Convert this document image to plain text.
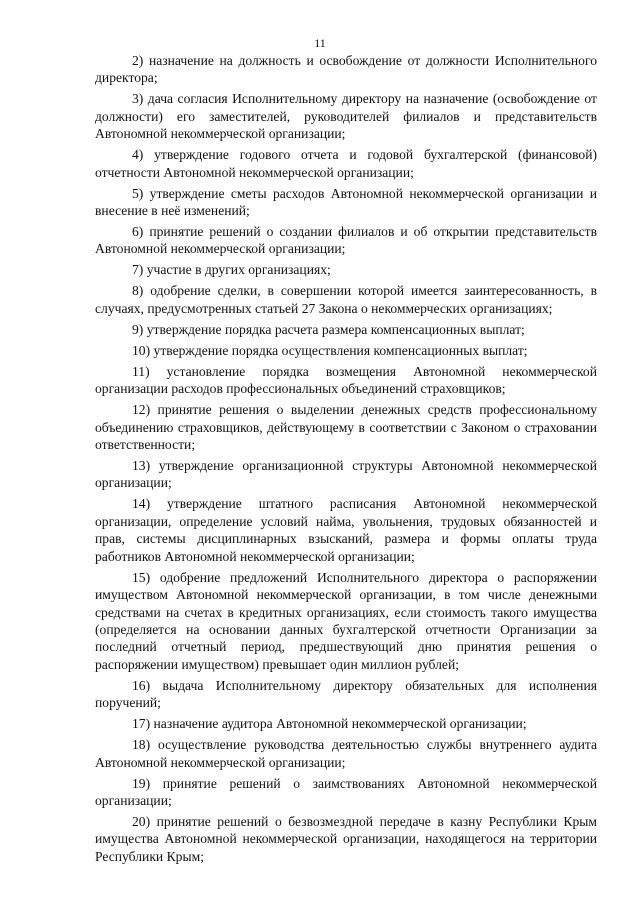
11
2) назначение на должность и освобождение от должности Исполнительного директора;
3) дача согласия Исполнительному директору на назначение (освобождение от должности) его заместителей, руководителей филиалов и представительств Автономной некоммерческой организации;
4) утверждение годового отчета и годовой бухгалтерской (финансовой) отчетности Автономной некоммерческой организации;
5) утверждение сметы расходов Автономной некоммерческой организации и внесение в неё изменений;
6) принятие решений о создании филиалов и об открытии представительств Автономной некоммерческой организации;
7) участие в других организациях;
8) одобрение сделки, в совершении которой имеется заинтересованность, в случаях, предусмотренных статьей 27 Закона о некоммерческих организациях;
9) утверждение порядка расчета размера компенсационных выплат;
10) утверждение порядка осуществления компенсационных выплат;
11) установление порядка возмещения Автономной некоммерческой организации расходов профессиональных объединений страховщиков;
12) принятие решения о выделении денежных средств профессиональному объединению страховщиков, действующему в соответствии с Законом о страховании ответственности;
13) утверждение организационной структуры Автономной некоммерческой организации;
14) утверждение штатного расписания Автономной некоммерческой организации, определение условий найма, увольнения, трудовых обязанностей и прав, системы дисциплинарных взысканий, размера и формы оплаты труда работников Автономной некоммерческой организации;
15) одобрение предложений Исполнительного директора о распоряжении имуществом Автономной некоммерческой организации, в том числе денежными средствами на счетах в кредитных организациях, если стоимость такого имущества (определяется на основании данных бухгалтерской отчетности Организации за последний отчетный период, предшествующий дню принятия решения о распоряжении имуществом) превышает один миллион рублей;
16) выдача Исполнительному директору обязательных для исполнения поручений;
17) назначение аудитора Автономной некоммерческой организации;
18) осуществление руководства деятельностью службы внутреннего аудита Автономной некоммерческой организации;
19) принятие решений о заимствованиях Автономной некоммерческой организации;
20) принятие решений о безвозмездной передаче в казну Республики Крым имущества Автономной некоммерческой организации, находящегося на территории Республики Крым;
